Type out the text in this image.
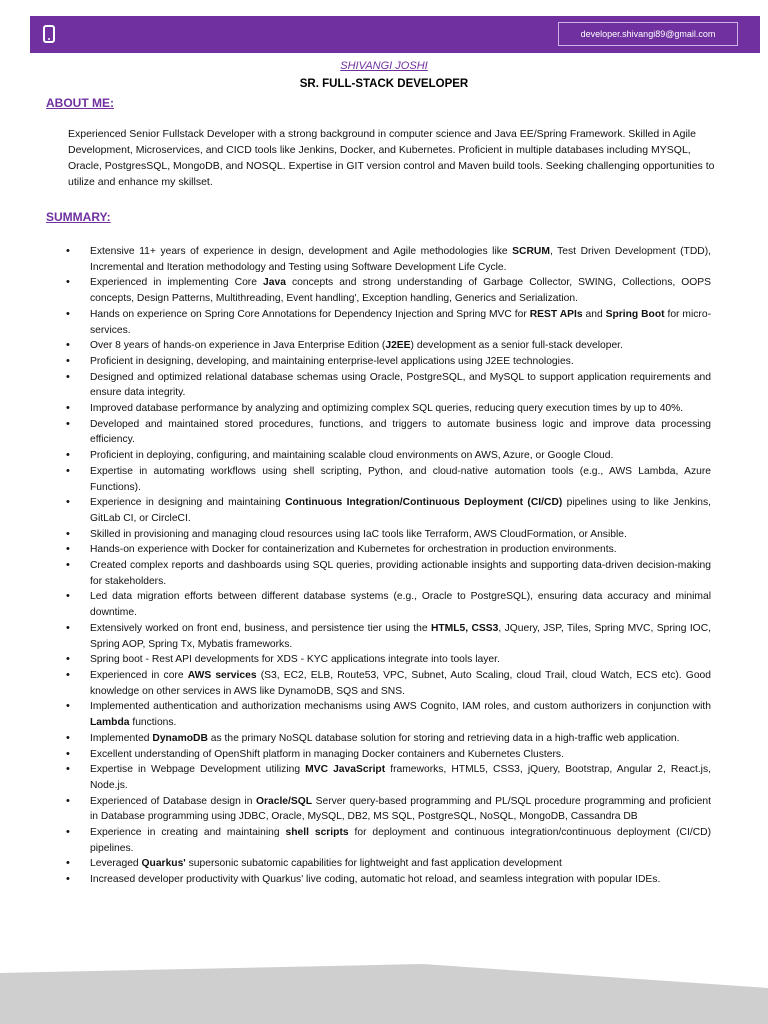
developer.shivangi89@gmail.com
SHIVANGI JOSHI
SR. FULL-STACK DEVELOPER
ABOUT ME:
Experienced Senior Fullstack Developer with a strong background in computer science and Java EE/Spring Framework. Skilled in Agile Development, Microservices, and CICD tools like Jenkins, Docker, and Kubernetes. Proficient in multiple databases including MYSQL, Oracle, PostgresSQL, MongoDB, and NOSQL. Expertise in GIT version control and Maven build tools. Seeking challenging opportunities to utilize and enhance my skillset.
SUMMARY:
• Extensive 11+ years of experience in design, development and Agile methodologies like SCRUM, Test Driven Development (TDD), Incremental and Iteration methodology and Testing using Software Development Life Cycle.
• Experienced in implementing Core Java concepts and strong understanding of Garbage Collector, SWING, Collections, OOPS concepts, Design Patterns, Multithreading, Event handling', Exception handling, Generics and Serialization.
• Hands on experience on Spring Core Annotations for Dependency Injection and Spring MVC for REST APIs and Spring Boot for micro-services.
• Over 8 years of hands-on experience in Java Enterprise Edition (J2EE) development as a senior full-stack developer.
• Proficient in designing, developing, and maintaining enterprise-level applications using J2EE technologies.
• Designed and optimized relational database schemas using Oracle, PostgreSQL, and MySQL to support application requirements and ensure data integrity.
• Improved database performance by analyzing and optimizing complex SQL queries, reducing query execution times by up to 40%.
• Developed and maintained stored procedures, functions, and triggers to automate business logic and improve data processing efficiency.
• Proficient in deploying, configuring, and maintaining scalable cloud environments on AWS, Azure, or Google Cloud.
• Expertise in automating workflows using shell scripting, Python, and cloud-native automation tools (e.g., AWS Lambda, Azure Functions).
• Experience in designing and maintaining Continuous Integration/Continuous Deployment (CI/CD) pipelines using to like Jenkins, GitLab CI, or CircleCI.
• Skilled in provisioning and managing cloud resources using IaC tools like Terraform, AWS CloudFormation, or Ansible.
• Hands-on experience with Docker for containerization and Kubernetes for orchestration in production environments.
• Created complex reports and dashboards using SQL queries, providing actionable insights and supporting data-driven decision-making for stakeholders.
• Led data migration efforts between different database systems (e.g., Oracle to PostgreSQL), ensuring data accuracy and minimal downtime.
• Extensively worked on front end, business, and persistence tier using the HTML5, CSS3, JQuery, JSP, Tiles, Spring MVC, Spring IOC, Spring AOP, Spring Tx, Mybatis frameworks.
• Spring boot - Rest API developments for XDS - KYC applications integrate into tools layer.
• Experienced in core AWS services (S3, EC2, ELB, Route53, VPC, Subnet, Auto Scaling, cloud Trail, cloud Watch, ECS etc). Good knowledge on other services in AWS like DynamoDB, SQS and SNS.
• Implemented authentication and authorization mechanisms using AWS Cognito, IAM roles, and custom authorizers in conjunction with Lambda functions.
• Implemented DynamoDB as the primary NoSQL database solution for storing and retrieving data in a high-traffic web application.
• Excellent understanding of OpenShift platform in managing Docker containers and Kubernetes Clusters.
• Expertise in Webpage Development utilizing MVC JavaScript frameworks, HTML5, CSS3, jQuery, Bootstrap, Angular 2, React.js, Node.js.
• Experienced of Database design in Oracle/SQL Server query-based programming and PL/SQL procedure programming and proficient in Database programming using JDBC, Oracle, MySQL, DB2, MS SQL, PostgreSQL, NoSQL, MongoDB, Cassandra DB
• Experience in creating and maintaining shell scripts for deployment and continuous integration/continuous deployment (CI/CD) pipelines.
• Leveraged Quarkus' supersonic subatomic capabilities for lightweight and fast application development
• Increased developer productivity with Quarkus' live coding, automatic hot reload, and seamless integration with popular IDEs.
